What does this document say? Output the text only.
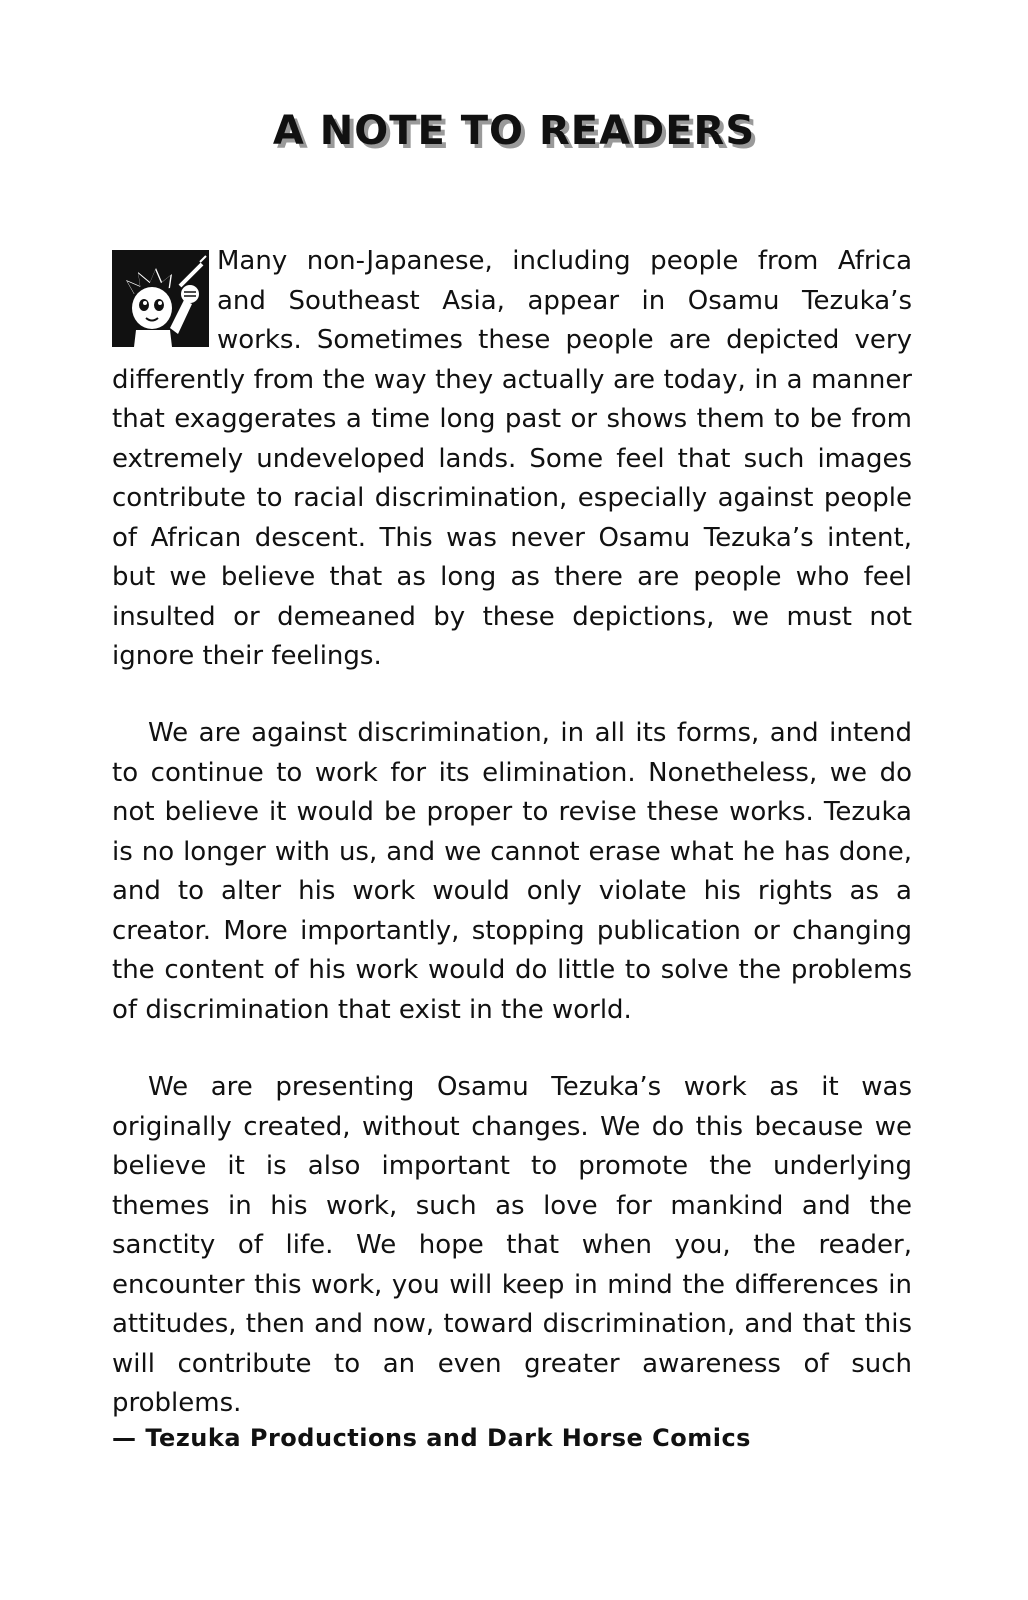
A NOTE TO READERS
Many non-Japanese, including people from Africa and Southeast Asia, appear in Osamu Tezuka’s works. Sometimes these people are depicted very differently from the way they actually are today, in a manner that exaggerates a time long past or shows them to be from extremely undeveloped lands. Some feel that such images contribute to racial discrimination, especially against people of African descent. This was never Osamu Tezuka’s intent, but we believe that as long as there are people who feel insulted or demeaned by these depictions, we must not ignore their feelings.
We are against discrimination, in all its forms, and intend to continue to work for its elimination. Nonetheless, we do not believe it would be proper to revise these works. Tezuka is no longer with us, and we cannot erase what he has done, and to alter his work would only violate his rights as a creator. More importantly, stopping publication or changing the content of his work would do little to solve the problems of discrimination that exist in the world.
We are presenting Osamu Tezuka’s work as it was originally created, without changes. We do this because we believe it is also important to promote the underlying themes in his work, such as love for mankind and the sanctity of life. We hope that when you, the reader, encounter this work, you will keep in mind the differences in attitudes, then and now, toward discrimination, and that this will contribute to an even greater awareness of such problems.
— Tezuka Productions and Dark Horse Comics
